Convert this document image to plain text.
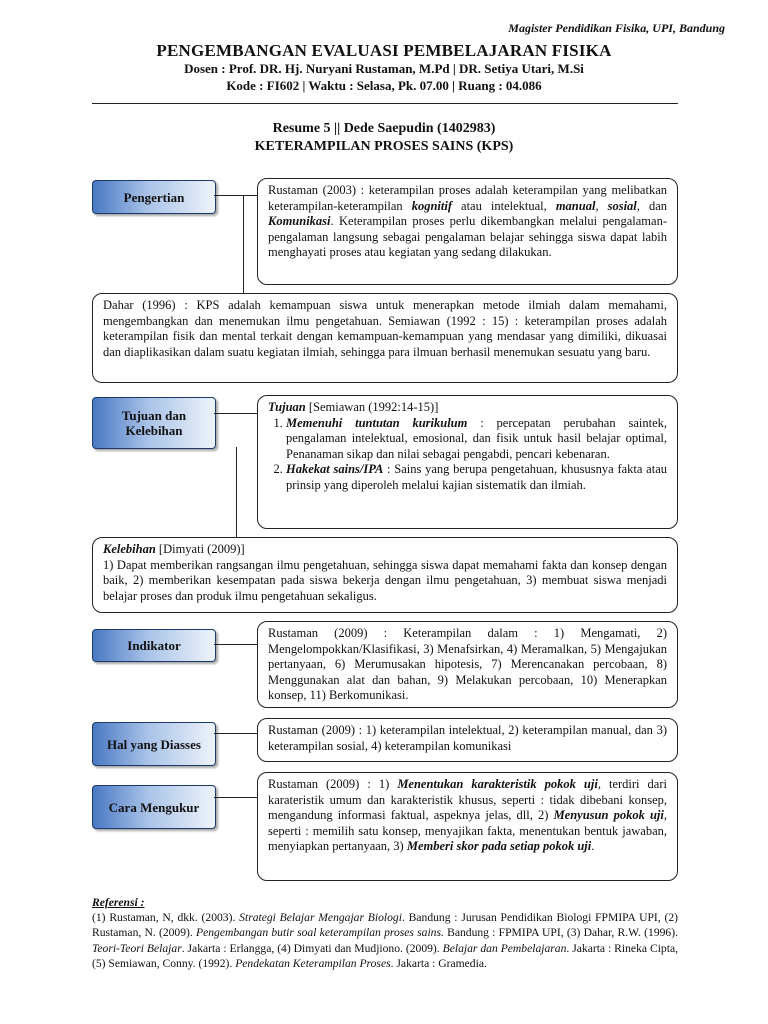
Magister Pendidikan Fisika, UPI, Bandung
PENGEMBANGAN EVALUASI PEMBELAJARAN FISIKA
Dosen : Prof. DR. Hj. Nuryani Rustaman, M.Pd | DR. Setiya Utari, M.Si
Kode : FI602 | Waktu : Selasa, Pk. 07.00 | Ruang : 04.086
Resume 5 || Dede Saepudin (1402983)
KETERAMPILAN PROSES SAINS (KPS)
Pengertian	Rustaman (2003) : keterampilan proses adalah keterampilan yang melibatkan keterampilan-keterampilan kognitif atau intelektual, manual, sosial, dan Komunikasi. Keterampilan proses perlu dikembangkan melalui pengalaman-pengalaman langsung sebagai pengalaman belajar sehingga siswa dapat labih menghayati proses atau kegiatan yang sedang dilakukan.
Dahar (1996) : KPS adalah kemampuan siswa untuk menerapkan metode ilmiah dalam memahami, mengembangkan dan menemukan ilmu pengetahuan. Semiawan (1992 : 15) : keterampilan proses adalah keterampilan fisik dan mental terkait dengan kemampuan-kemampuan yang mendasar yang dimiliki, dikuasai dan diaplikasikan dalam suatu kegiatan ilmiah, sehingga para ilmuan berhasil menemukan sesuatu yang baru.
Tujuan dan Kelebihan
Tujuan [Semiawan (1992:14-15)]
1. Memenuhi tuntutan kurikulum : percepatan perubahan saintek, pengalaman intelektual, emosional, dan fisik untuk hasil belajar optimal, Penanaman sikap dan nilai sebagai pengabdi, pencari kebenaran.
2. Hakekat sains/IPA : Sains yang berupa pengetahuan, khususnya fakta atau prinsip yang diperoleh melalui kajian sistematik dan ilmiah.
Kelebihan [Dimyati (2009)]
1) Dapat memberikan rangsangan ilmu pengetahuan, sehingga siswa dapat memahami fakta dan konsep dengan baik, 2) memberikan kesempatan pada siswa bekerja dengan ilmu pengetahuan, 3) membuat siswa menjadi belajar proses dan produk ilmu pengetahuan sekaligus.
Indikator
Rustaman (2009) : Keterampilan dalam : 1) Mengamati, 2) Mengelompokkan/Klasifikasi, 3) Menafsirkan, 4) Meramalkan, 5) Mengajukan pertanyaan, 6) Merumusakan hipotesis, 7) Merencanakan percobaan, 8) Menggunakan alat dan bahan, 9) Melakukan percobaan, 10) Menerapkan konsep, 11) Berkomunikasi.
Hal yang Diasses
Rustaman (2009) : 1) keterampilan intelektual, 2) keterampilan manual, dan 3) keterampilan sosial, 4) keterampilan komunikasi
Cara Mengukur
Rustaman (2009) : 1) Menentukan karakteristik pokok uji, terdiri dari karateristik umum dan karakteristik khusus, seperti : tidak dibebani konsep, mengandung informasi faktual, aspeknya jelas, dll, 2) Menyusun pokok uji, seperti : memilih satu konsep, menyajikan fakta, menentukan bentuk jawaban, menyiapkan pertanyaan, 3) Memberi skor pada setiap pokok uji.
Referensi :
(1) Rustaman, N, dkk. (2003). Strategi Belajar Mengajar Biologi. Bandung : Jurusan Pendidikan Biologi FPMIPA UPI, (2) Rustaman, N. (2009). Pengembangan butir soal keterampilan proses sains. Bandung : FPMIPA UPI, (3) Dahar, R.W. (1996). Teori-Teori Belajar. Jakarta : Erlangga, (4) Dimyati dan Mudjiono. (2009). Belajar dan Pembelajaran. Jakarta : Rineka Cipta, (5) Semiawan, Conny. (1992). Pendekatan Keterampilan Proses. Jakarta : Gramedia.
